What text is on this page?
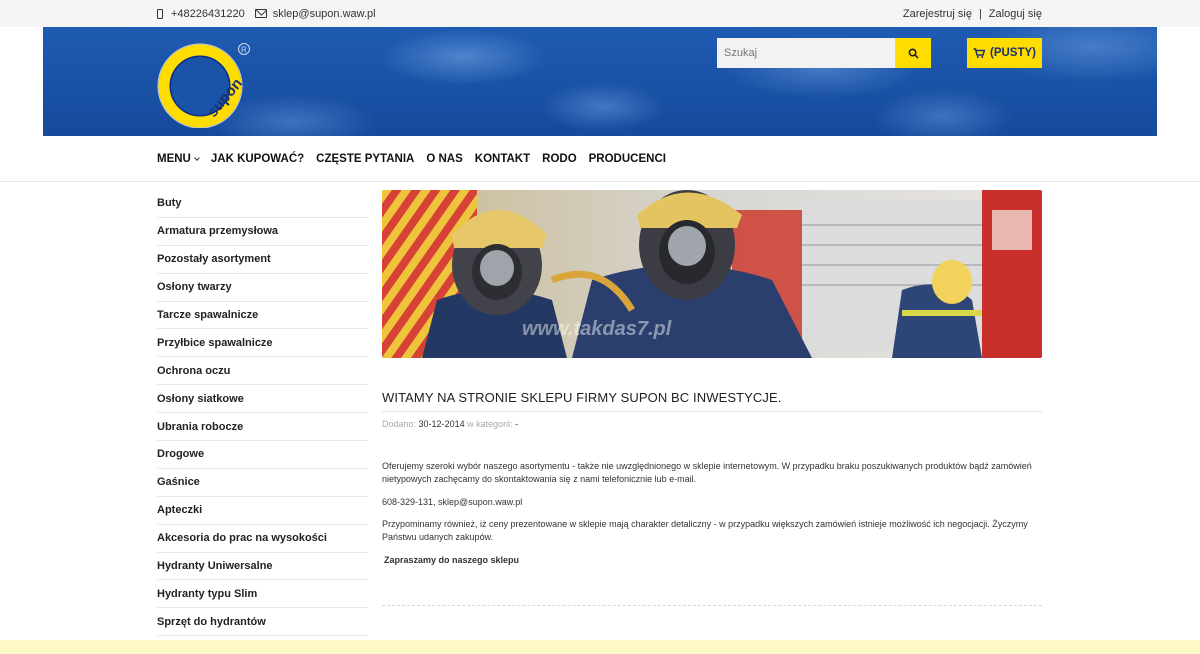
+48226431220	sklep@supon.waw.pl	Zarejestruj się | Zaloguj się
supon
R
Szukaj	(PUSTY)
MENU	JAK KUPOWAĆ? CZĘSTE PYTANIA O NAS KONTAKT RODO PRODUCENCI
Buty
Armatura przemysłowa
Pozostały asortyment
Osłony twarzy
Tarcze spawalnicze
Przyłbice spawalnicze
Ochrona oczu
Osłony siatkowe
Ubrania robocze
Drogowe
Gaśnice
Apteczki
Akcesoria do prac na wysokości
Hydranty Uniwersalne
Hydranty typu Slim
Sprzęt do hydrantów
www.takdas7.pl
WITAMY NA STRONIE SKLEPU FIRMY SUPON BC INWESTYCJE.
Dodano: 30-12-2014 w kategorii: -

Oferujemy szeroki wybór naszego asortymentu - także nie uwzględnionego w sklepie internetowym. W przypadku braku poszukiwanych produktów bądź zamówień nietypowych zachęcamy do skontaktowania się z nami telefonicznie lub e-mail.

608-329-131, sklep@supon.waw.pl

Przypominamy również, iż ceny prezentowane w sklepie mają charakter detaliczny - w przypadku większych zamówień istnieje możliwość ich negocjacji. Życzymy Państwu udanych zakupów.

Zapraszamy do naszego sklepu
